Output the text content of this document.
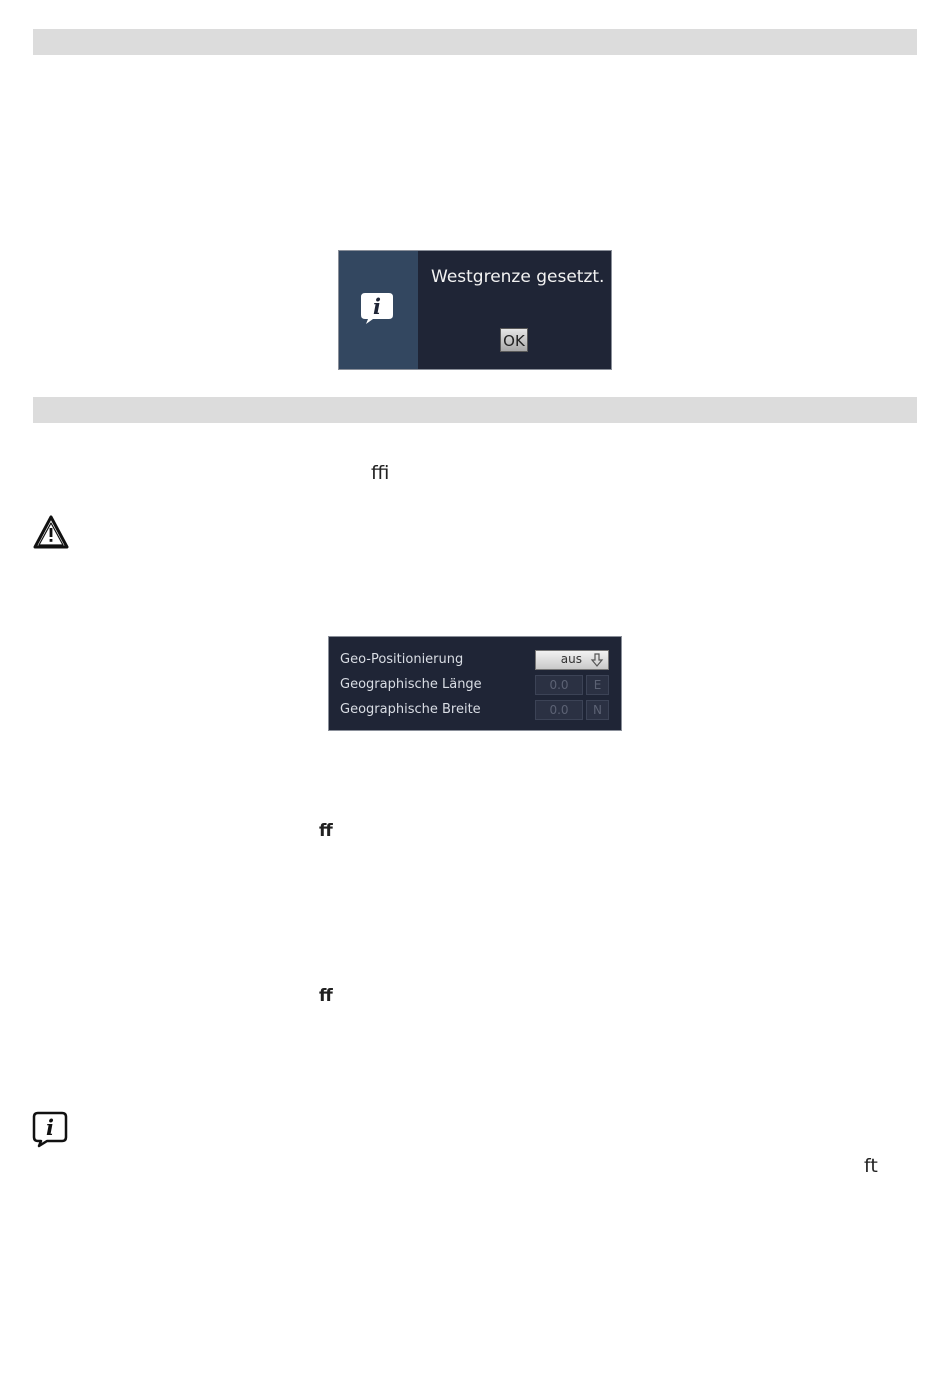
i
Westgrenze gesetzt.
OK
ﬃ
ﬀ
ﬀ
ft
Geo-Positionierung	aus
Geographische Länge	0.0	E
Geographische Breite	0.0	N
i
